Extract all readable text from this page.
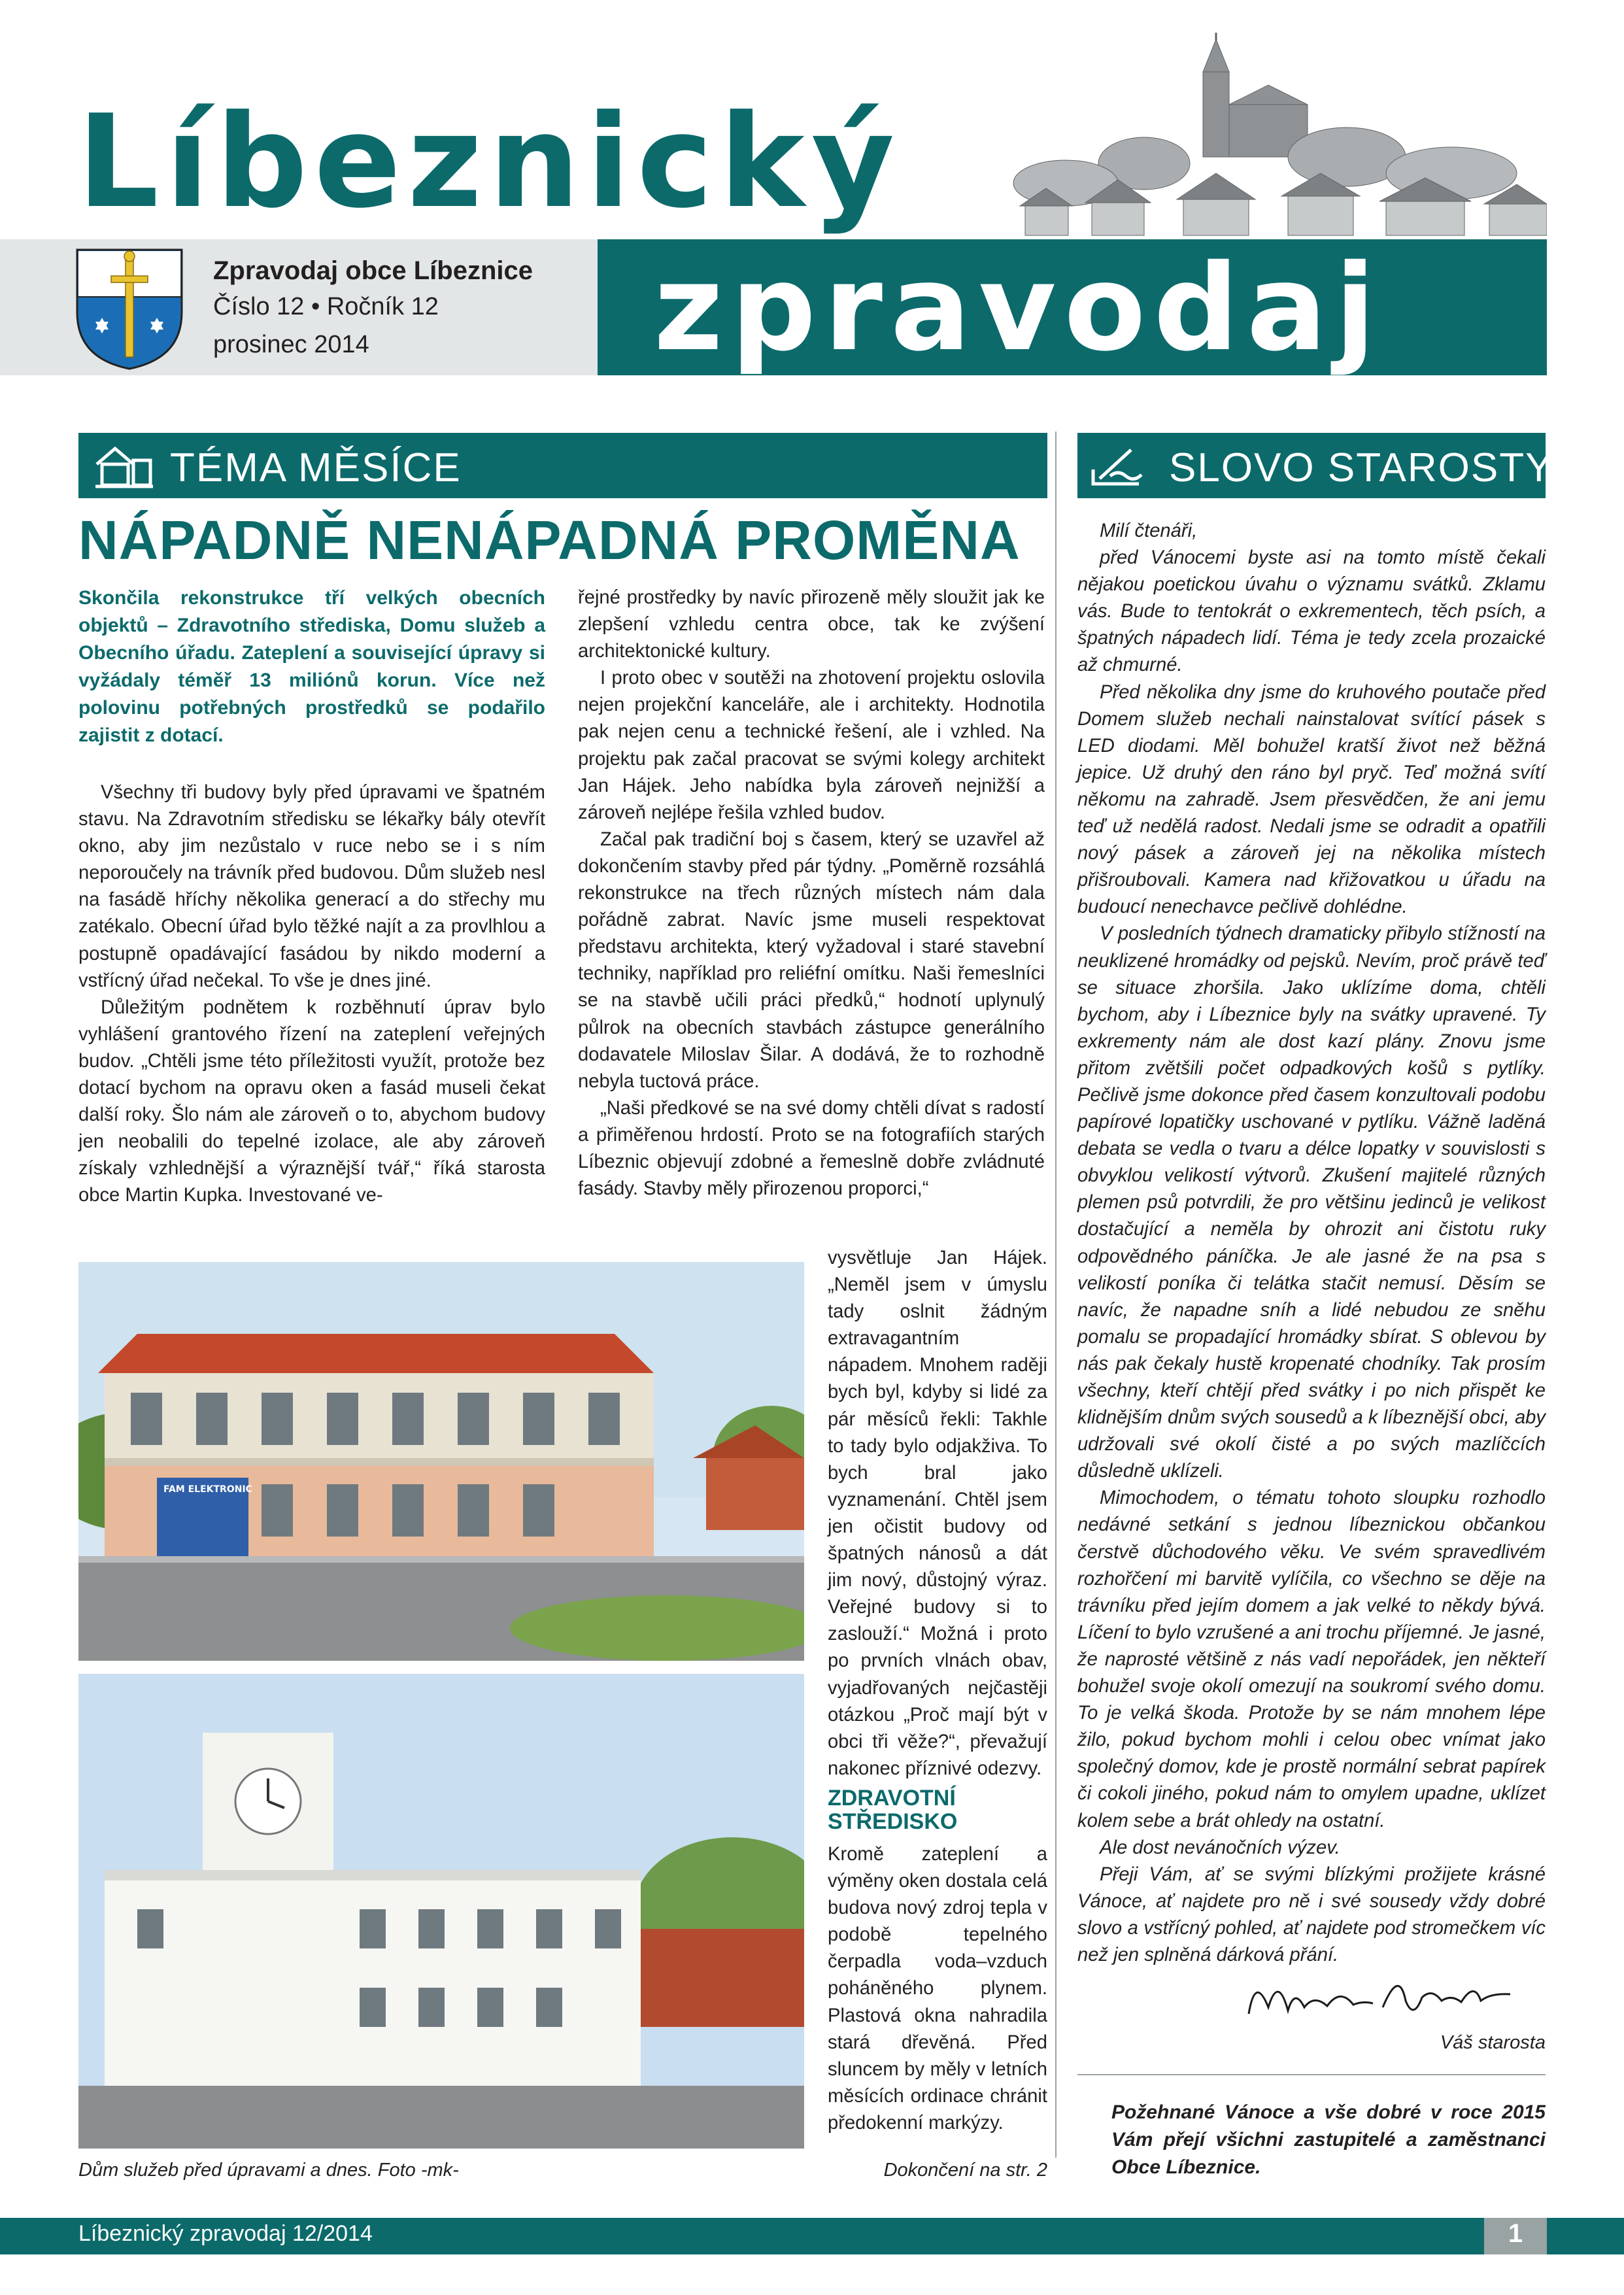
Líbeznický
zpravodaj
Zpravodaj obce Líbeznice
Číslo 12 • Ročník 12
prosinec 2014
TÉMA MĚSÍCE	SLOVO STAROSTY
NÁPADNĚ NENÁPADNÁ PROMĚNA
Skončila rekonstrukce tří velkých obecních objektů – Zdravotního střediska, Domu služeb a Obecního úřadu. Zateplení a související úpravy si vyžádaly téměř 13 miliónů korun. Více než polovinu potřebných prostředků se podařilo zajistit z dotací.

Všechny tři budovy byly před úpravami ve špatném stavu. Na Zdravotním středisku se lékařky bály otevřít okno, aby jim nezůstalo v ruce nebo se i s ním neporoučely na trávník před budovou. Dům služeb nesl na fasádě hříchy několika generací a do střechy mu zatékalo. Obecní úřad bylo těžké najít a za provlhlou a postupně opadávající fasádou by nikdo moderní a vstřícný úřad nečekal. To vše je dnes jiné.

Důležitým podnětem k rozběhnutí úprav bylo vyhlášení grantového řízení na zateplení veřejných budov. „Chtěli jsme této příležitosti využít, protože bez dotací bychom na opravu oken a fasád museli čekat další roky. Šlo nám ale zároveň o to, abychom budovy jen neobalili do tepelné izolace, ale aby zároveň získaly vzhlednější a výraznější tvář,“ říká starosta obce Martin Kupka. Investované ve-

řejné prostředky by navíc přirozeně měly sloužit jak ke zlepšení vzhledu centra obce, tak ke zvýšení architektonické kultury.

I proto obec v soutěži na zhotovení projektu oslovila nejen projekční kanceláře, ale i architekty. Hodnotila pak nejen cenu a technické řešení, ale i vzhled. Na projektu pak začal pracovat se svými kolegy architekt Jan Hájek. Jeho nabídka byla zároveň nejnižší a zároveň nejlépe řešila vzhled budov.

Začal pak tradiční boj s časem, který se uzavřel až dokončením stavby před pár týdny. „Poměrně rozsáhlá rekonstrukce na třech různých místech nám dala pořádně zabrat. Navíc jsme museli respektovat představu architekta, který vyžadoval i staré stavební techniky, například pro reliéfní omítku. Naši řemeslníci se na stavbě učili práci předků,“ hodnotí uplynulý půlrok na obecních stavbách zástupce generálního dodavatele Miloslav Šilar. A dodává, že to rozhodně nebyla tuctová práce.

„Naši předkové se na své domy chtěli dívat s radostí a přiměřenou hrdostí. Proto se na fotografiích starých Líbeznic objevují zdobné a řemeslně dobře zvládnuté fasády. Stavby měly přirozenou proporci,“

vysvětluje Jan Hájek. „Neměl jsem v úmyslu tady oslnit žádným extravagantním nápadem. Mnohem raději bych byl, kdyby si lidé za pár měsíců řekli: Takhle to tady bylo odjakživa. To bych bral jako vyznamenání. Chtěl jsem jen očistit budovy od špatných nánosů a dát jim nový, důstojný výraz. Veřejné budovy si to zaslouží.“ Možná i proto po prvních vlnách obav, vyjadřovaných nejčastěji otázkou „Proč mají být v obci tři věže?“, převažují nakonec příznivé odezvy.

ZDRAVOTNÍ STŘEDISKO

Kromě zateplení a výměny oken dostala celá budova nový zdroj tepla v podobě tepelného čerpadla voda–vzduch poháněného plynem. Plastová okna nahradila stará dřevěná. Před sluncem by měly v letních měsících ordinace chránit předokenní markýzy.

FAM ELEKTRONIC
Dům služeb před úpravami a dnes. Foto -mk-	Dokončení na str. 2

Milí čtenáři,

před Vánocemi byste asi na tomto místě čekali nějakou poetickou úvahu o významu svátků. Zklamu vás. Bude to tentokrát o exkrementech, těch psích, a špatných nápadech lidí. Téma je tedy zcela prozaické až chmurné.

Před několika dny jsme do kruhového poutače před Domem služeb nechali nainstalovat svítící pásek s LED diodami. Měl bohužel kratší život než běžná jepice. Už druhý den ráno byl pryč. Teď možná svítí někomu na zahradě. Jsem přesvědčen, že ani jemu teď už nedělá radost. Nedali jsme se odradit a opatřili nový pásek a zároveň jej na několika místech přišroubovali. Kamera nad křižovatkou u úřadu na budoucí nenechavce pečlivě dohlédne.

V posledních týdnech dramaticky přibylo stížností na neuklizené hromádky od pejsků. Nevím, proč právě teď se situace zhoršila. Jako uklízíme doma, chtěli bychom, aby i Líbeznice byly na svátky upravené. Ty exkrementy nám ale dost kazí plány. Znovu jsme přitom zvětšili počet odpadkových košů s pytlíky. Pečlivě jsme dokonce před časem konzultovali podobu papírové lopatičky uschované v pytlíku. Vážně laděná debata se vedla o tvaru a délce lopatky v souvislosti s obvyklou velikostí výtvorů. Zkušení majitelé různých plemen psů potvrdili, že pro většinu jedinců je velikost dostačující a neměla by ohrozit ani čistotu ruky odpovědného páníčka. Je ale jasné že na psa s velikostí poníka či telátka stačit nemusí. Děsím se navíc, že napadne sníh a lidé nebudou ze sněhu pomalu se propadající hromádky sbírat. S oblevou by nás pak čekaly hustě kropenaté chodníky. Tak prosím všechny, kteří chtějí před svátky i po nich přispět ke klidnějším dnům svých sousedů a k líbeznější obci, aby udržovali své okolí čisté a po svých mazlíčcích důsledně uklízeli.

Mimochodem, o tématu tohoto sloupku rozhodlo nedávné setkání s jednou líbeznickou občankou čerstvě důchodového věku. Ve svém spravedlivém rozhořčení mi barvitě vylíčila, co všechno se děje na trávníku před jejím domem a jak velké to někdy bývá. Líčení to bylo vzrušené a ani trochu příjemné. Je jasné, že naprosté většině z nás vadí nepořádek, jen někteří bohužel svoje okolí omezují na soukromí svého domu. To je velká škoda. Protože by se nám mnohem lépe žilo, pokud bychom mohli i celou obec vnímat jako společný domov, kde je prostě normální sebrat papírek či cokoli jiného, pokud nám to omylem upadne, uklízet kolem sebe a brát ohledy na ostatní.

Ale dost nevánočních výzev.

Přeji Vám, ať se svými blízkými prožijete krásné Vánoce, ať najdete pro ně i své sousedy vždy dobré slovo a vstřícný pohled, ať najdete pod stromečkem víc než jen splněná dárková přání.

Váš starosta
Požehnané Vánoce a vše dobré v roce 2015 Vám přejí všichni zastupitelé a zaměstnanci Obce Líbeznice.
Líbeznický zpravodaj 12/2014	1
